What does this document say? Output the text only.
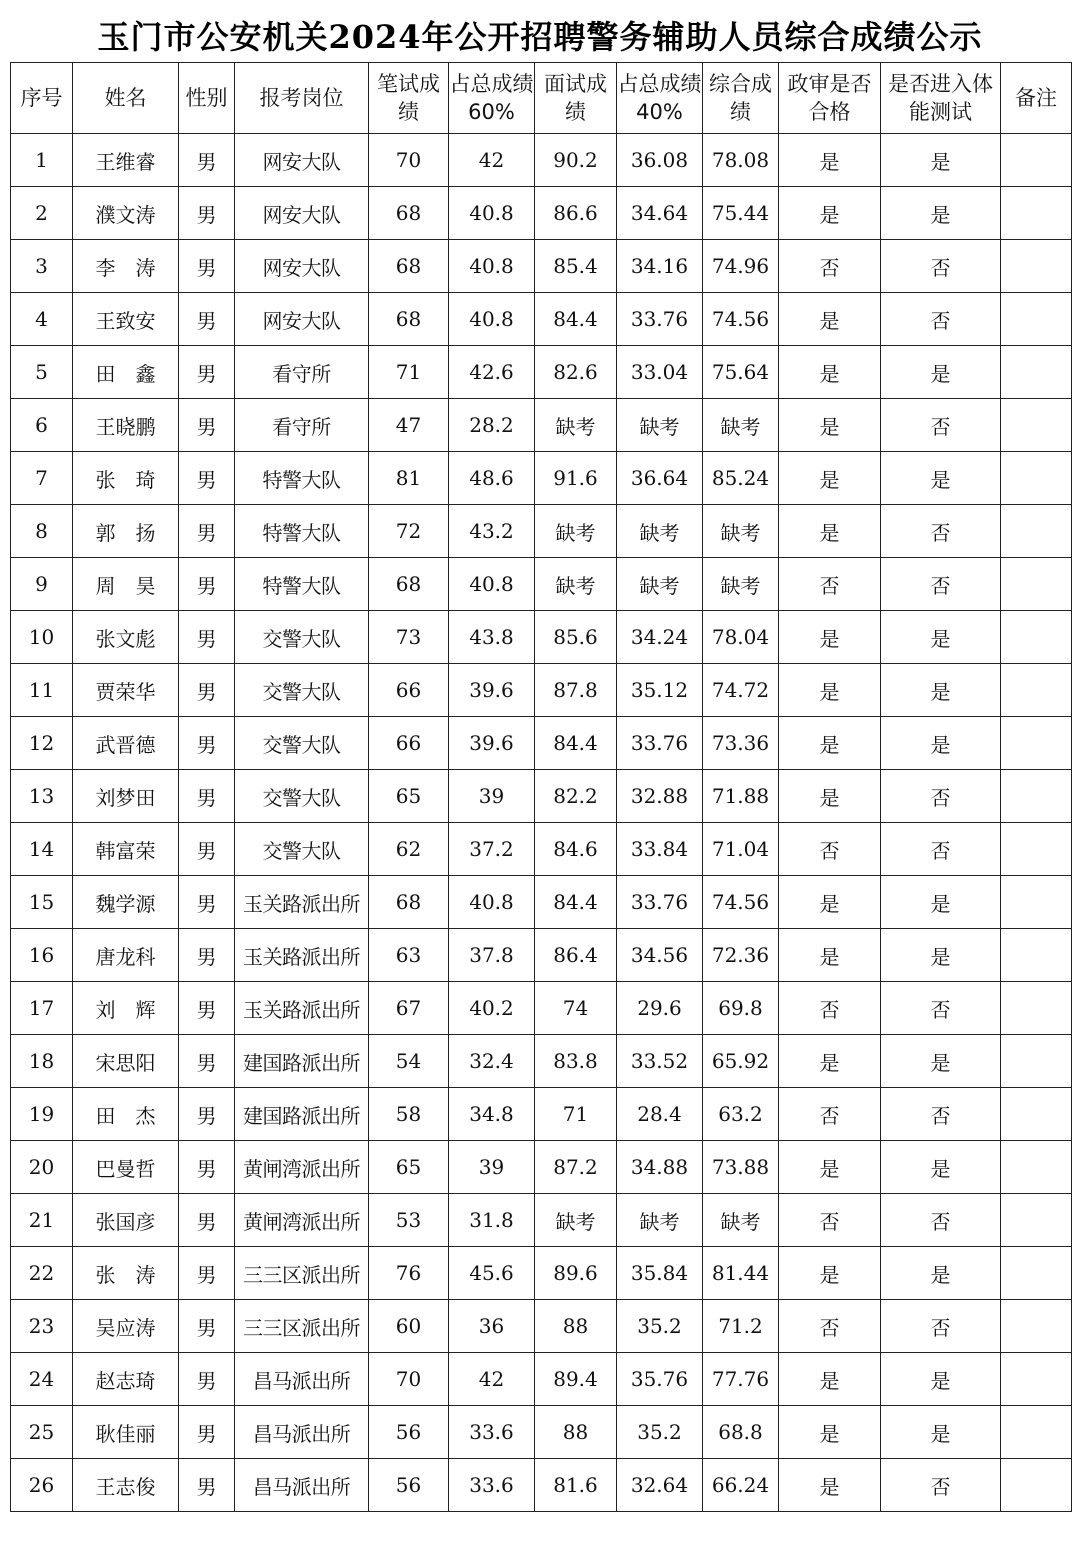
玉门市公安机关2024年公开招聘警务辅助人员综合成绩公示
序号	姓名	性别	报考岗位	笔试成绩	占总成绩60%	面试成绩	占总成绩40%	综合成绩	政审是否合格	是否进入体能测试	备注
1	王维睿	男	网安大队	70	42	90.2	36.08	78.08	是	是	
2	濮文涛	男	网安大队	68	40.8	86.6	34.64	75.44	是	是	
3	李　涛	男	网安大队	68	40.8	85.4	34.16	74.96	否	否	
4	王致安	男	网安大队	68	40.8	84.4	33.76	74.56	是	否	
5	田　鑫	男	看守所	71	42.6	82.6	33.04	75.64	是	是	
6	王晓鹏	男	看守所	47	28.2	缺考	缺考	缺考	是	否	
7	张　琦	男	特警大队	81	48.6	91.6	36.64	85.24	是	是	
8	郭　扬	男	特警大队	72	43.2	缺考	缺考	缺考	是	否	
9	周　昊	男	特警大队	68	40.8	缺考	缺考	缺考	否	否	
10	张文彪	男	交警大队	73	43.8	85.6	34.24	78.04	是	是	
11	贾荣华	男	交警大队	66	39.6	87.8	35.12	74.72	是	是	
12	武晋德	男	交警大队	66	39.6	84.4	33.76	73.36	是	是	
13	刘梦田	男	交警大队	65	39	82.2	32.88	71.88	是	否	
14	韩富荣	男	交警大队	62	37.2	84.6	33.84	71.04	否	否	
15	魏学源	男	玉关路派出所	68	40.8	84.4	33.76	74.56	是	是	
16	唐龙科	男	玉关路派出所	63	37.8	86.4	34.56	72.36	是	是	
17	刘　辉	男	玉关路派出所	67	40.2	74	29.6	69.8	否	否	
18	宋思阳	男	建国路派出所	54	32.4	83.8	33.52	65.92	是	是	
19	田　杰	男	建国路派出所	58	34.8	71	28.4	63.2	否	否	
20	巴曼哲	男	黄闸湾派出所	65	39	87.2	34.88	73.88	是	是	
21	张国彦	男	黄闸湾派出所	53	31.8	缺考	缺考	缺考	否	否	
22	张　涛	男	三三区派出所	76	45.6	89.6	35.84	81.44	是	是	
23	吴应涛	男	三三区派出所	60	36	88	35.2	71.2	否	否	
24	赵志琦	男	昌马派出所	70	42	89.4	35.76	77.76	是	是	
25	耿佳丽	男	昌马派出所	56	33.6	88	35.2	68.8	是	是	
26	王志俊	男	昌马派出所	56	33.6	81.6	32.64	66.24	是	否	
